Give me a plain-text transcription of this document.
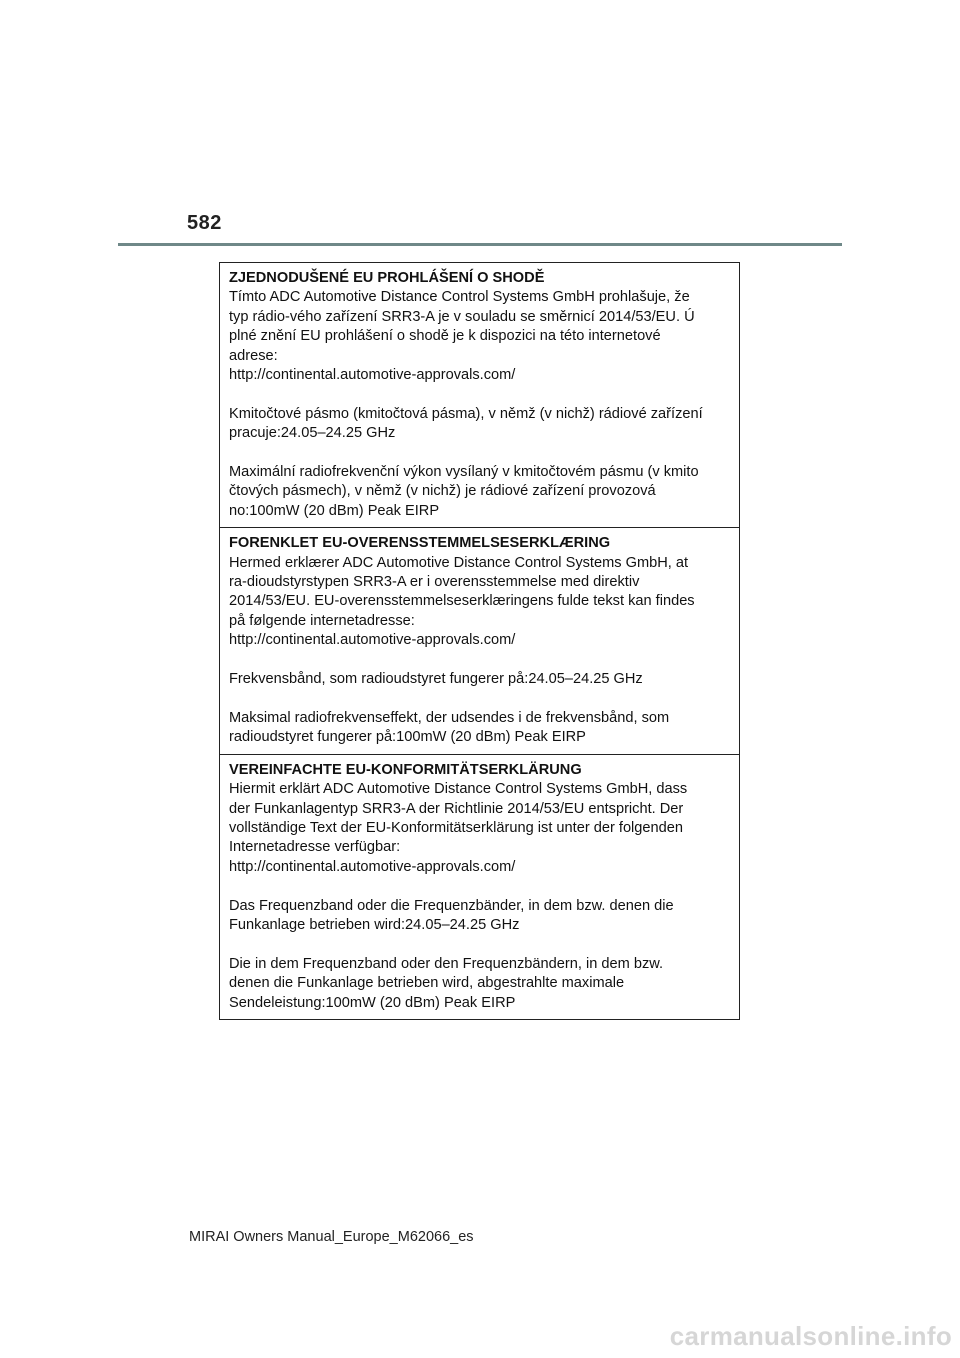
582
ZJEDNODUŠENÉ EU PROHLÁŠENÍ O SHODĚ
Tímto ADC Automotive Distance Control Systems GmbH prohlašuje, že
typ rádio-vého zařízení SRR3-A je v souladu se směrnicí 2014/53/EU. Ú
plné znění EU prohlášení o shodě je k dispozici na této internetové
adrese:
http://continental.automotive-approvals.com/
Kmitočtové pásmo (kmitočtová pásma), v němž (v nichž) rádiové zařízení
pracuje:24.05–24.25 GHz
Maximální radiofrekvenční výkon vysílaný v kmitočtovém pásmu (v kmito
čtových pásmech), v němž (v nichž) je rádiové zařízení provozová
no:100mW (20 dBm) Peak EIRP
FORENKLET EU-OVERENSSTEMMELSESERKLÆRING
Hermed erklærer ADC Automotive Distance Control Systems GmbH, at
ra-dioudstyrstypen SRR3-A er i overensstemmelse med direktiv
2014/53/EU. EU-overensstemmelseserklæringens fulde tekst kan findes
på følgende internetadresse:
http://continental.automotive-approvals.com/
Frekvensbånd, som radioudstyret fungerer på:24.05–24.25 GHz
Maksimal radiofrekvenseffekt, der udsendes i de frekvensbånd, som
radioudstyret fungerer på:100mW (20 dBm) Peak EIRP
VEREINFACHTE EU-KONFORMITÄTSERKLÄRUNG
Hiermit erklärt ADC Automotive Distance Control Systems GmbH, dass
der Funkanlagentyp SRR3-A der Richtlinie 2014/53/EU entspricht. Der
vollständige Text der EU-Konformitätserklärung ist unter der folgenden
Internetadresse verfügbar:
http://continental.automotive-approvals.com/
Das Frequenzband oder die Frequenzbänder, in dem bzw. denen die
Funkanlage betrieben wird:24.05–24.25 GHz
Die in dem Frequenzband oder den Frequenzbändern, in dem bzw.
denen die Funkanlage betrieben wird, abgestrahlte maximale
Sendeleistung:100mW (20 dBm) Peak EIRP
MIRAI Owners Manual_Europe_M62066_es
carmanualsonline.info
